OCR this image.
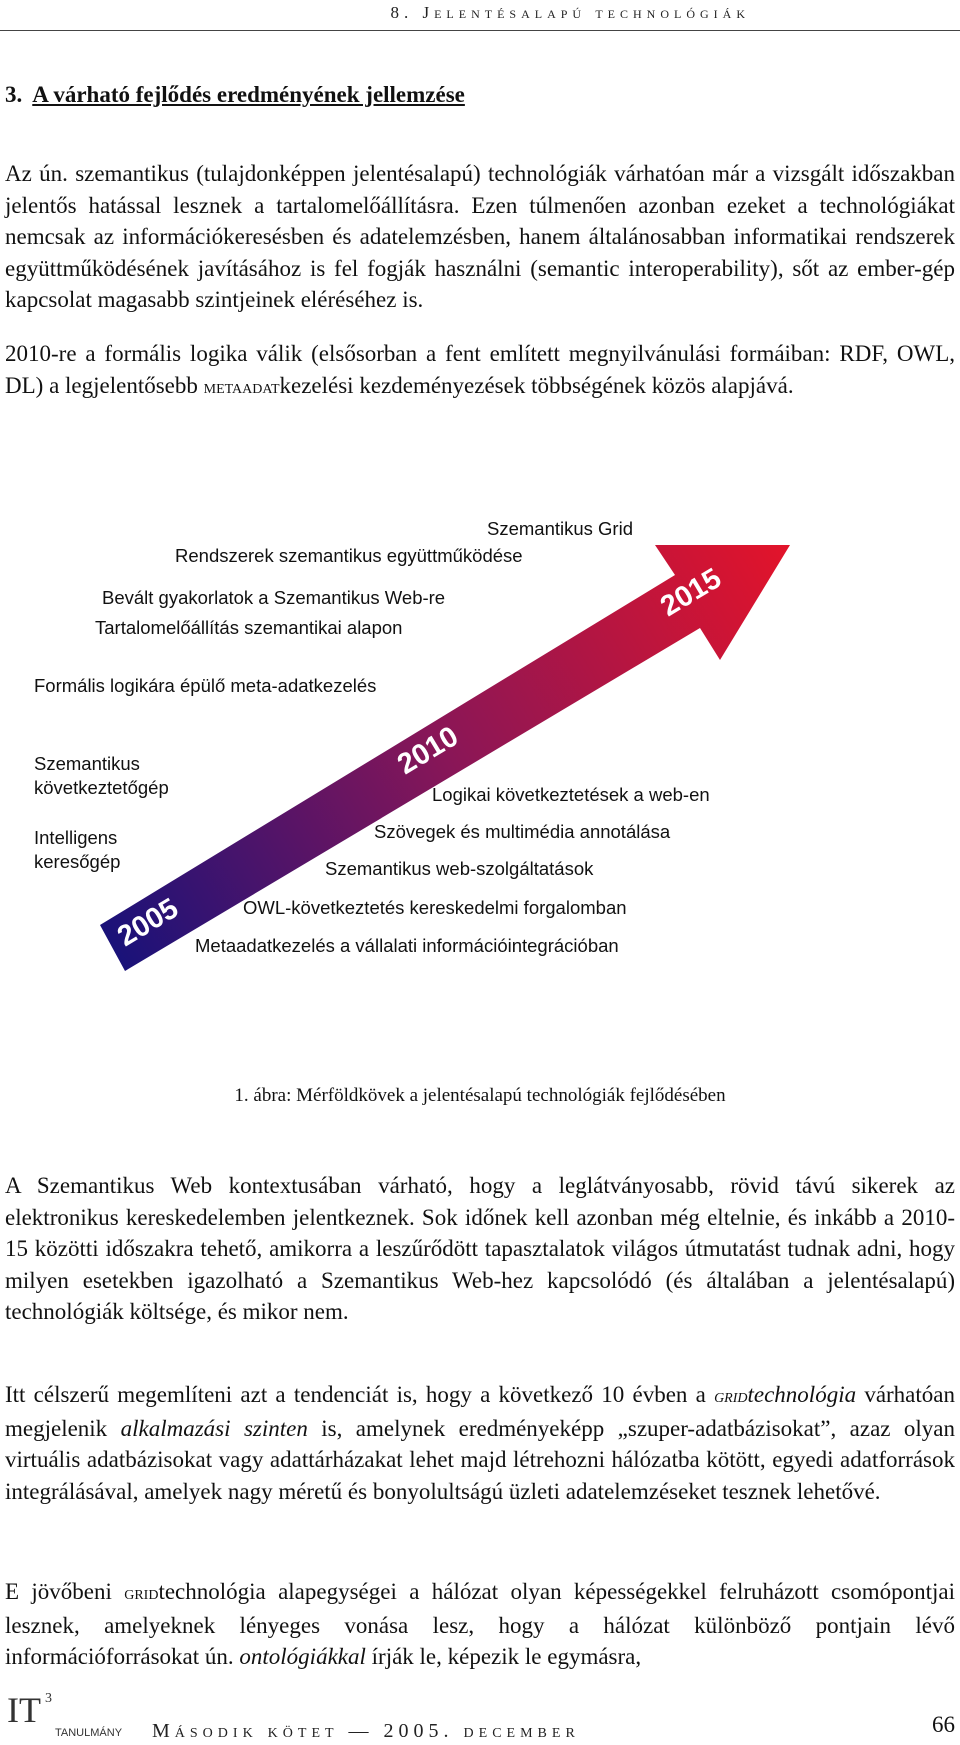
8. Jelentésalapú technológiák
3. A várható fejlődés eredményének jellemzése

Az ún. szemantikus (tulajdonképpen jelentésalapú) technológiák várhatóan már a vizsgált időszakban jelentős hatással lesznek a tartalomelőállításra. Ezen túlmenően azonban ezeket a technológiákat nemcsak az információkeresésben és adatelemzésben, hanem általánosabban informatikai rendszerek együttműködésének javításához is fel fogják használni (semantic interoperability), sőt az ember-gép kapcsolat magasabb szintjeinek eléréséhez is.

2010-re a formális logika válik (elsősorban a fent említett megnyilvánulási formáiban: RDF, OWL, DL) a legjelentősebb metaadatkezelési kezdeményezések többségének közös alapjává.

2005
2010
2015
Szemantikus Grid
Rendszerek szemantikus együttműködése
Bevált gyakorlatok a Szemantikus Web-re
Tartalomelőállítás szemantikai alapon
Formális logikára épülő meta-adatkezelés
Szemantikus
következtetőgép
Intelligens
keresőgép
Logikai következtetések a web-en
Szövegek és multimédia annotálása
Szemantikus web-szolgáltatások
OWL-következtetés kereskedelmi forgalomban
Metaadatkezelés a vállalati információintegrációban
1. ábra: Mérföldkövek a jelentésalapú technológiák fejlődésében

A Szemantikus Web kontextusában várható, hogy a leglátványosabb, rövid távú sikerek az elektronikus kereskedelemben jelentkeznek. Sok időnek kell azonban még eltelnie, és inkább a 2010-15 közötti időszakra tehető, amikorra a leszűrődött tapasztalatok világos útmutatást tudnak adni, hogy milyen esetekben igazolható a Szemantikus Web-hez kapcsolódó (és általában a jelentésalapú) technológiák költsége, és mikor nem.

Itt célszerű megemlíteni azt a tendenciát is, hogy a következő 10 évben a gridtechnológia várhatóan megjelenik alkalmazási szinten is, amelynek eredményeképp „szuper-adatbázisokat”, azaz olyan virtuális adatbázisokat vagy adattárházakat lehet majd létrehozni hálózatba kötött, egyedi adatforrások integrálásával, amelyek nagy méretű és bonyolultságú üzleti adatelemzéseket tesznek lehetővé.

E jövőbeni gridtechnológia alapegységei a hálózat olyan képességekkel felruházott csomópontjai lesznek, amelyeknek lényeges vonása lesz, hogy a hálózat különböző pontjain lévő információforrásokat ún. ontológiákkal írják le, képezik le egymásra,

IT 3
TANULMÁNY Második kötet — 2005. december	66
